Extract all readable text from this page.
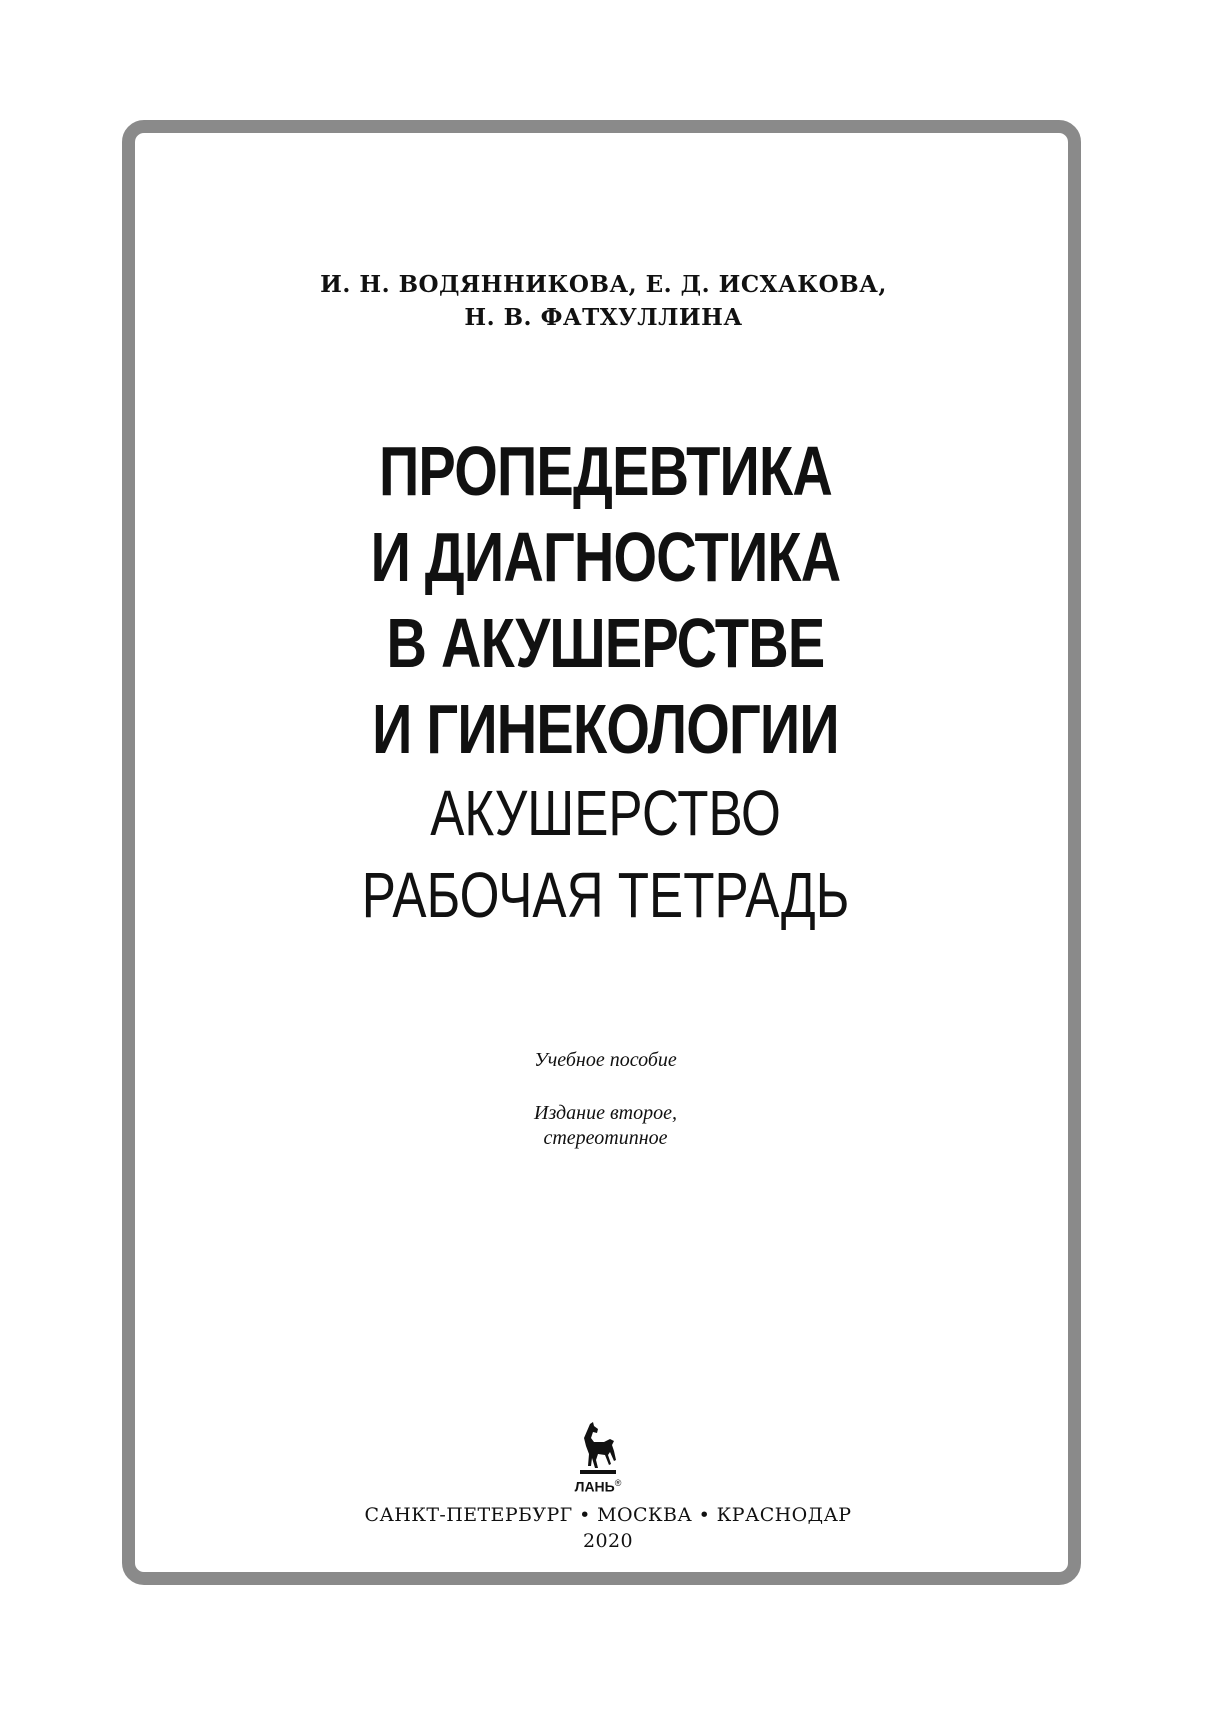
И. Н. ВОДЯННИКОВА, Е. Д. ИСХАКОВА,
Н. В. ФАТХУЛЛИНА
ПРОПЕДЕВТИКА
И ДИАГНОСТИКА
В АКУШЕРСТВЕ
И ГИНЕКОЛОГИИ
АКУШЕРСТВО
РАБОЧАЯ ТЕТРАДЬ
Учебное пособие
Издание второе,
стереотипное
ЛАНЬ®
САНКТ-ПЕТЕРБУРГ • МОСКВА • КРАСНОДАР
2020
